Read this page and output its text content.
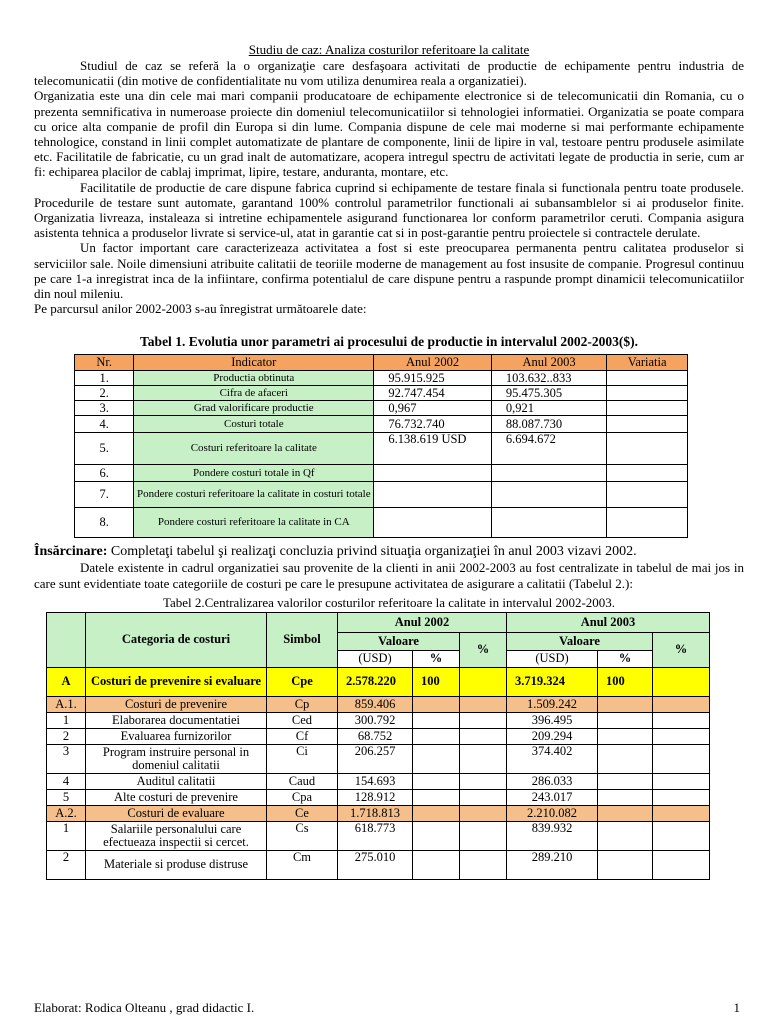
Studiu de caz: Analiza costurilor referitoare la calitate

Studiul de caz se referă la o organizaţie care desfaşoara activitati de productie de echipamente pentru industria de telecomunicatii (din motive de confidentialitate nu vom utiliza denumirea reala a organizatiei).

Organizatia este una din cele mai mari companii producatoare de echipamente electronice si de telecomunicatii din Romania, cu o prezenta semnificativa in numeroase proiecte din domeniul telecomunicatiilor si tehnologiei informatiei. Organizatia se poate compara cu orice alta companie de profil din Europa si din lume. Compania dispune de cele mai moderne si mai performante echipamente tehnologice, constand in linii complet automatizate de plantare de componente, linii de lipire in val, testoare pentru produsele asimilate etc. Facilitatile de fabricatie, cu un grad inalt de automatizare, acopera intregul spectru de activitati legate de productia in serie, cum ar fi: echiparea placilor de cablaj imprimat, lipire, testare, anduranta, montare, etc.

Facilitatile de productie de care dispune fabrica cuprind si echipamente de testare finala si functionala pentru toate produsele. Procedurile de testare sunt automate, garantand 100% controlul parametrilor functionali ai subansamblelor si ai produselor finite. Organizatia livreaza, instaleaza si intretine echipamentele asigurand functionarea lor conform parametrilor ceruti. Compania asigura asistenta tehnica a produselor livrate si service-ul, atat in garantie cat si in post-garantie pentru proiectele si contractele derulate.

Un factor important care caracterizeaza activitatea a fost si este preocuparea permanenta pentru calitatea produselor si serviciilor sale. Noile dimensiuni atribuite calitatii de teoriile moderne de management au fost insusite de companie. Progresul continuu pe care 1-a inregistrat inca de la infiintare, confirma potentialul de care dispune pentru a raspunde prompt dinamicii telecomunicatiilor din noul mileniu.

Pe parcursul anilor 2002-2003 s-au înregistrat următoarele date:

Tabel 1. Evolutia unor parametri ai procesului de productie in intervalul 2002-2003($).

Nr.	Indicator	Anul 2002	Anul 2003	Variatia
1.	Productia obtinuta	95.915.925	103.632..833	
2.	Cifra de afaceri	92.747.454	95.475.305	
3.	Grad valorificare productie	0,967	0,921	
4.	Costuri totale	76.732.740	88.087.730	
5.	Costuri referitoare la calitate	6.138.619 USD	6.694.672	
6.	Pondere costuri totale in Qf			
7.	Pondere costuri referitoare la calitate in costuri totale			
8.	Pondere costuri referitoare la calitate in CA			

Însărcinare: Completaţi tabelul şi realizaţi concluzia privind situaţia organizaţiei în anul 2003 vizavi 2002.

Datele existente in cadrul organizatiei sau provenite de la clienti in anii 2002-2003 au fost centralizate in tabelul de mai jos in care sunt evidentiate toate categoriile de costuri pe care le presupune activitatea de asigurare a calitatii (Tabelul 2.):

Tabel 2.Centralizarea valorilor costurilor referitoare la calitate in intervalul 2002-2003.

	Categoria de costuri	Simbol	Anul 2002			Anul 2003		
			Valoare		%	Valoare		%
			(USD)	%		(USD)	%	
A	Costuri de prevenire si evaluare	Cpe	2.578.220	100		3.719.324	100	
A.1.	Costuri de prevenire	Cp	859.406			1.509.242		
1	Elaborarea documentatiei	Ced	300.792			396.495		
2	Evaluarea furnizorilor	Cf	68.752			209.294		
3	Program instruire personal in domeniul calitatii	Ci	206.257			374.402		
4	Auditul calitatii	Caud	154.693			286.033		
5	Alte costuri de prevenire	Cpa	128.912			243.017		
A.2.	Costuri de evaluare	Ce	1.718.813			2.210.082		
1	Salariile personalului care efectueaza inspectii si cercet.	Cs	618.773			839.932		
2	Materiale si produse distruse	Cm	275.010			289.210		
Elaborat: Rodica Olteanu , grad didactic I.	1
